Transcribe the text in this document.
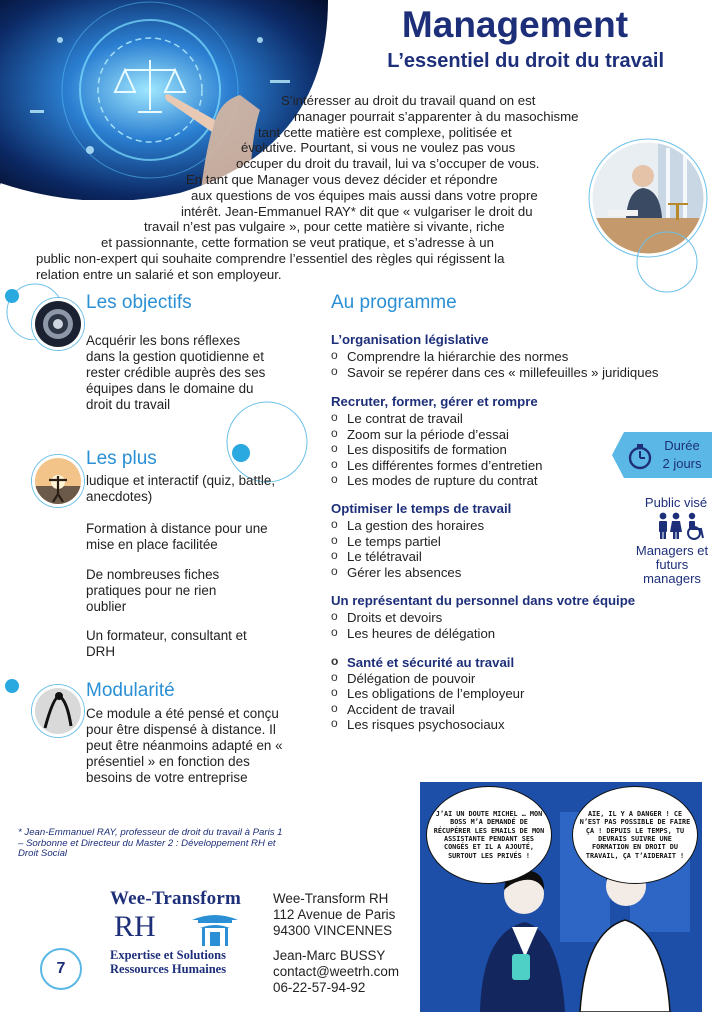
Management
L’essentiel du droit du travail
S’intéresser au droit du travail quand on est
manager pourrait s’apparenter à du masochisme
tant cette matière est complexe, politisée et
évolutive. Pourtant, si vous ne voulez pas vous
occuper du droit du travail, lui va s’occuper de vous.
En tant que Manager vous devez décider et répondre
aux questions de vos équipes mais aussi dans votre propre
intérêt. Jean-Emmanuel RAY* dit que « vulgariser le droit du
travail n’est pas vulgaire », pour cette matière si vivante, riche
et passionnante, cette formation se veut pratique, et s’adresse à un
public non-expert qui souhaite comprendre l’essentiel des règles qui régissent la
relation entre un salarié et son employeur.
Les objectifs
Acquérir les bons réflexes dans la gestion quotidienne et rester crédible auprès des ses équipes dans le domaine du droit du travail
Les plus
ludique et interactif (quiz, battle, anecdotes)
Formation à distance pour une mise en place facilitée
De nombreuses fiches pratiques pour ne rien oublier
Un formateur, consultant et DRH
Modularité
Ce module a été pensé et conçu pour être dispensé à distance. Il peut être néanmoins adapté en « présentiel » en fonction des besoins de votre entreprise
Au programme
L’organisation législative
o Comprendre la hiérarchie des normes
o Savoir se repérer dans ces « millefeuilles » juridiques
Recruter, former, gérer et rompre
o Le contrat de travail
o Zoom sur la période d’essai
o Les dispositifs de formation
o Les différentes formes d’entretien
o Les modes de rupture du contrat
Optimiser le temps de travail
o La gestion des horaires
o Le temps partiel
o Le télétravail
o Gérer les absences
Un représentant du personnel dans votre équipe
o Droits et devoirs
o Les heures de délégation
o Santé et sécurité au travail
o Délégation de pouvoir
o Les obligations de l’employeur
o Accident de travail
o Les risques psychosociaux
Durée
2 jours
Public visé
Managers et futurs managers
* Jean-Emmanuel RAY, professeur de droit du travail à Paris 1
– Sorbonne et Directeur du Master 2 : Développement RH et
Droit Social
J’AI UN DOUTE MICHEL … MON BOSS M’A DEMANDÉ DE RÉCUPÉRER LES EMAILS DE MON ASSISTANTE PENDANT SES CONGÉS ET IL A AJOUTÉ, SURTOUT LES PRIVÉS !
AIE, IL Y A DANGER ! CE N’EST PAS POSSIBLE DE FAIRE ÇA ! DEPUIS LE TEMPS, TU DEVRAIS SUIVRE UNE FORMATION EN DROIT DU TRAVAIL, ÇA T’AIDERAIT !
Wee-Transform
RH
Expertise et Solutions
Ressources Humaines
Wee-Transform RH
112 Avenue de Paris
94300 VINCENNES
Jean-Marc BUSSY
contact@weetrh.com
06-22-57-94-92
7
